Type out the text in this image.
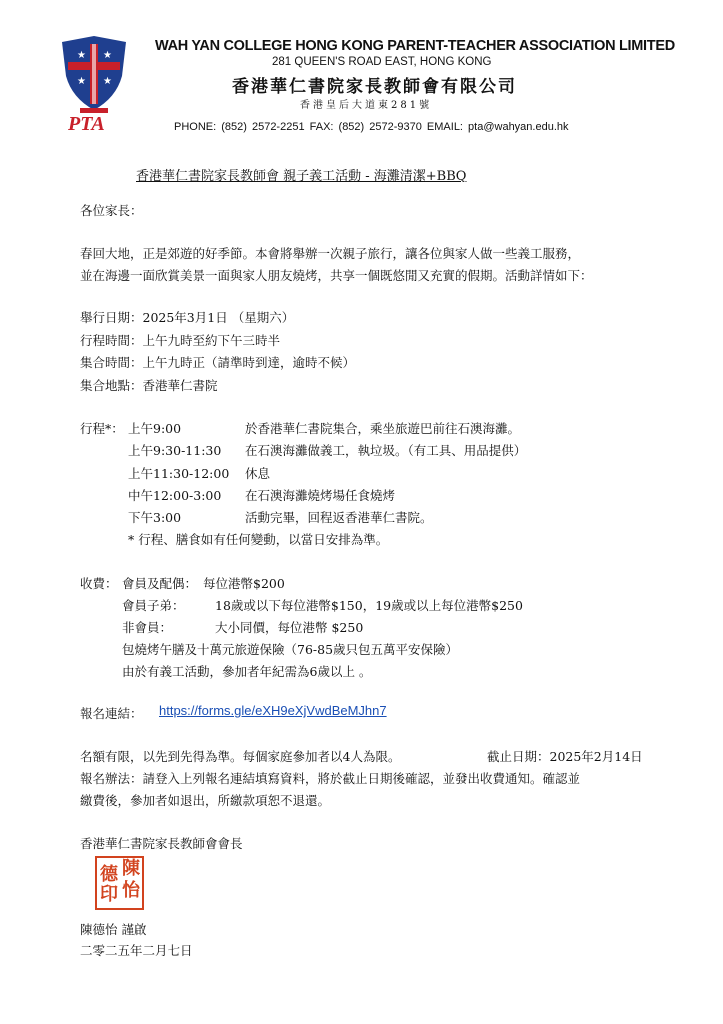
★ ★
★ ★
PTA
WAH YAN COLLEGE HONG KONG PARENT-TEACHER ASSOCIATION LIMITED
281 QUEEN'S ROAD EAST, HONG KONG
香港華仁書院家長教師會有限公司
香港皇后大道東281號
PHONE: (852) 2572-2251 FAX: (852) 2572-9370 EMAIL: pta@wahyan.edu.hk
香港華仁書院家長教師會 親子義工活動 - 海灘清潔+BBQ
各位家長：
春回大地，正是郊遊的好季節。本會將舉辦一次親子旅行，讓各位與家人做一些義工服務，
並在海邊一面欣賞美景一面與家人朋友燒烤，共享一個既悠閒又充實的假期。活動詳情如下：
舉行日期：2025年3月1日 （星期六）
行程時間：上午九時至約下午三時半
集合時間：上午九時正（請準時到達，逾時不候）
集合地點：香港華仁書院
行程*： 上午9:00	於香港華仁書院集合，乘坐旅遊巴前往石澳海灘。
上午9:30-11:30 在石澳海灘做義工，執垃圾。（有工具、用品提供）
上午11:30-12:00 休息
中午12:00-3:00 在石澳海灘燒烤場任食燒烤
下午3:00	活動完畢，回程返香港華仁書院。
* 行程、膳食如有任何變動，以當日安排為準。
收費： 會員及配偶： 每位港幣$200
會員子弟： 18歲或以下每位港幣$150，19歲或以上每位港幣$250
非會員：	大小同價，每位港幣 $250
包燒烤午膳及十萬元旅遊保險（76-85歲只包五萬平安保險）
由於有義工活動，參加者年紀需為6歲以上 。
報名連結： https://forms.gle/eXH9eXjVwdBeMJhn7
名額有限，以先到先得為準。每個家庭參加者以4人為限。	截止日期：2025年2月14日
報名辦法：請登入上列報名連結填寫資料，將於截止日期後確認，並發出收費通知。確認並
繳費後，參加者如退出，所繳款項恕不退還。
香港華仁書院家長教師會會長
陳
德
怡
印
陳德怡 謹啟
二零二五年二月七日
